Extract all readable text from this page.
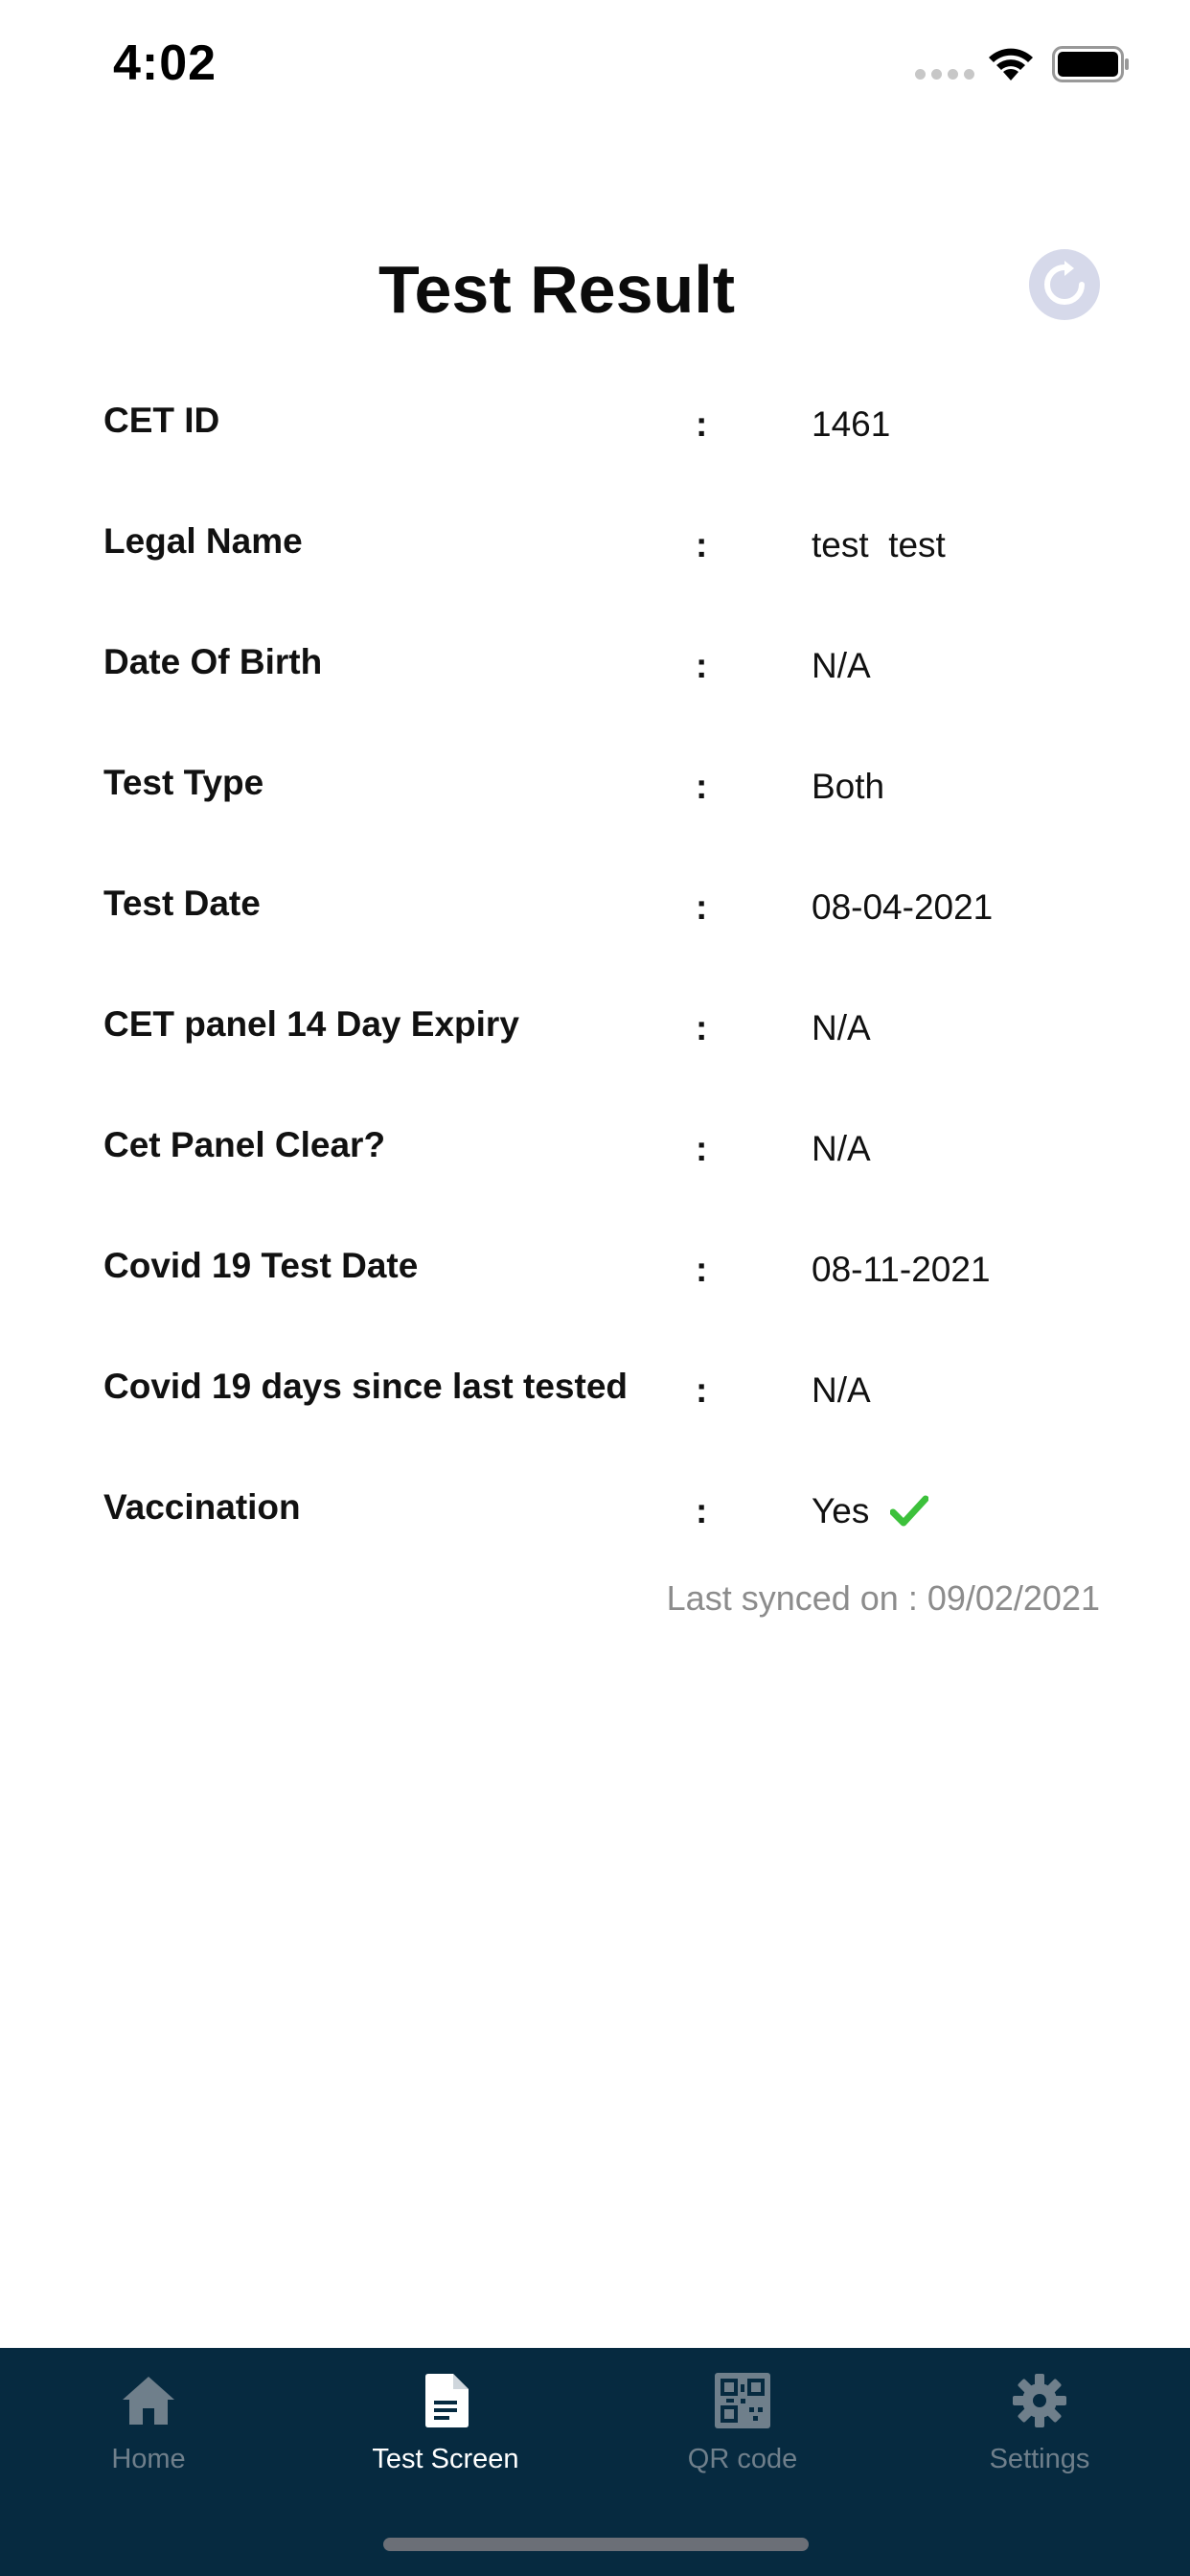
4:02
Test Result
CET ID	:	1461
Legal Name	:	test  test
Date Of Birth	:	N/A
Test Type	:	Both
Test Date	:	08-04-2021
CET panel 14 Day Expiry	:	N/A
Cet Panel Clear?	:	N/A
Covid 19 Test Date	:	08-11-2021
Covid 19 days since last tested :	N/A
Vaccination	:	Yes
Last synced on : 09/02/2021
Home	Test Screen	QR code	Settings
